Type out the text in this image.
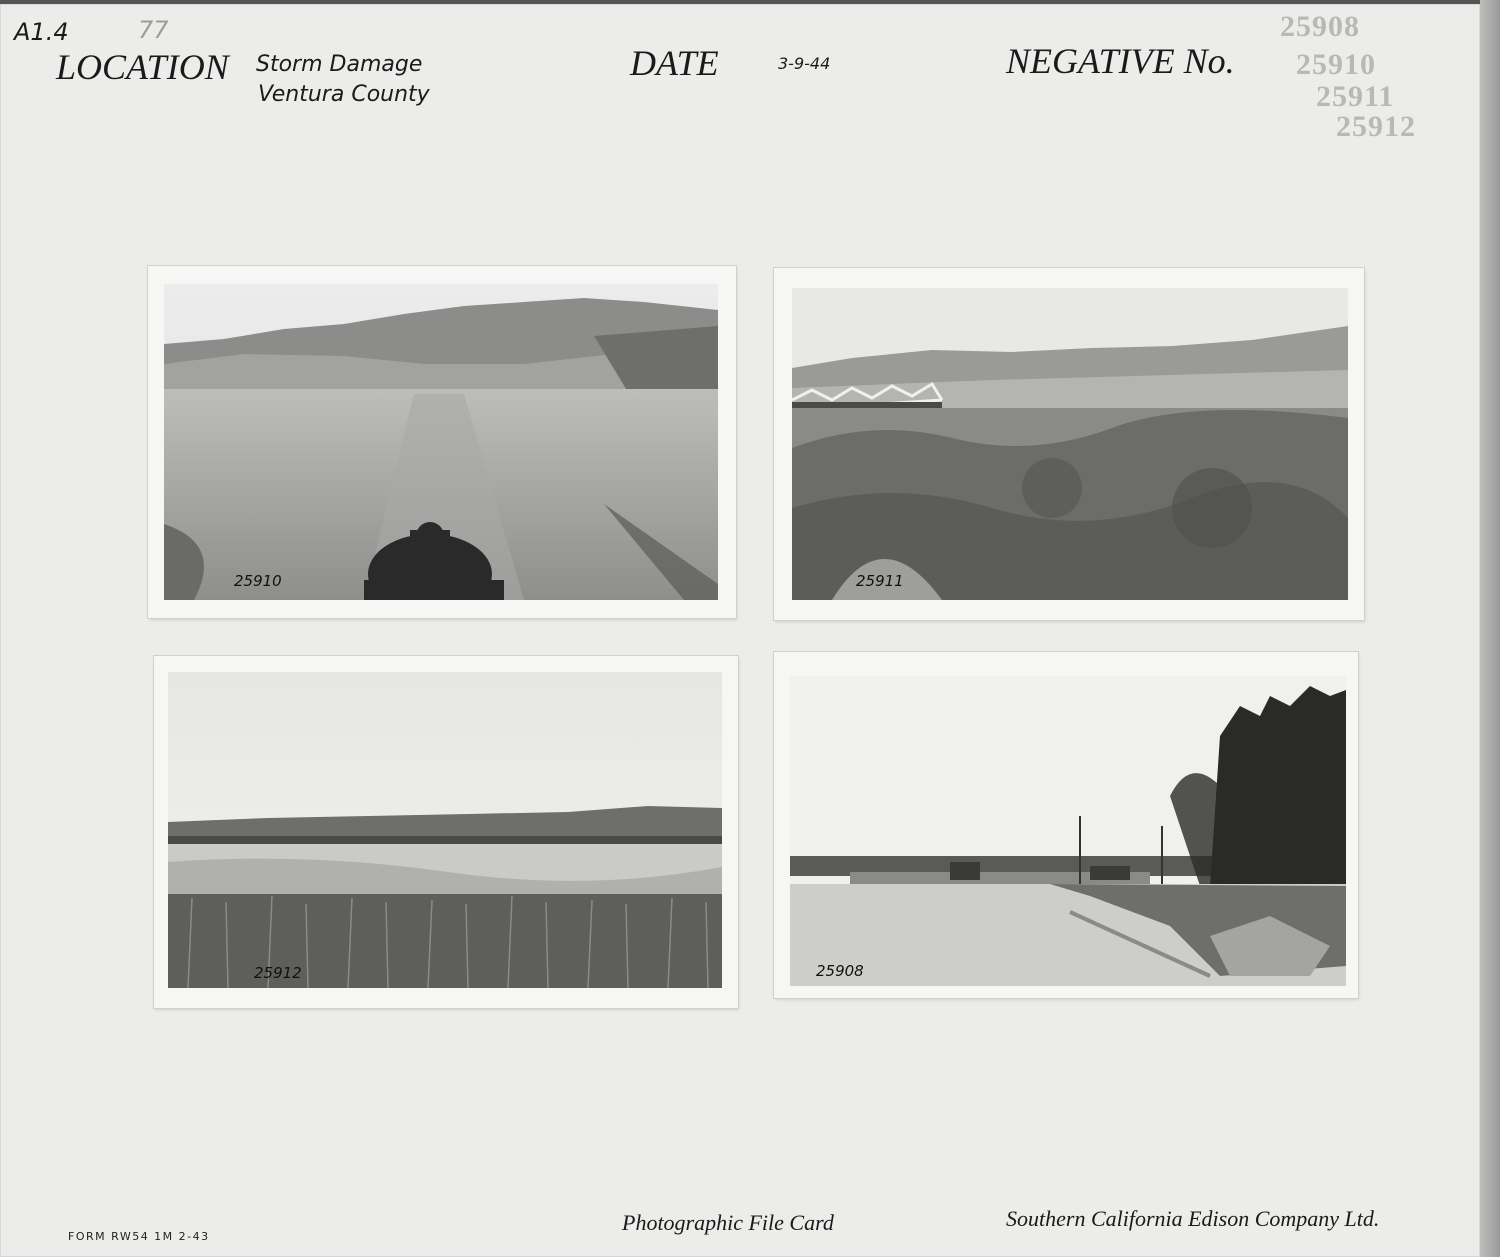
A1.4	77
LOCATION Storm Damage
Ventura County
DATE	3-9-44	NEGATIVE No.
25908
25910
25911
25912
25910	25911
25912	25908
FORM RW54 1M 2-43
Photographic File Card	Southern California Edison Company Ltd.
